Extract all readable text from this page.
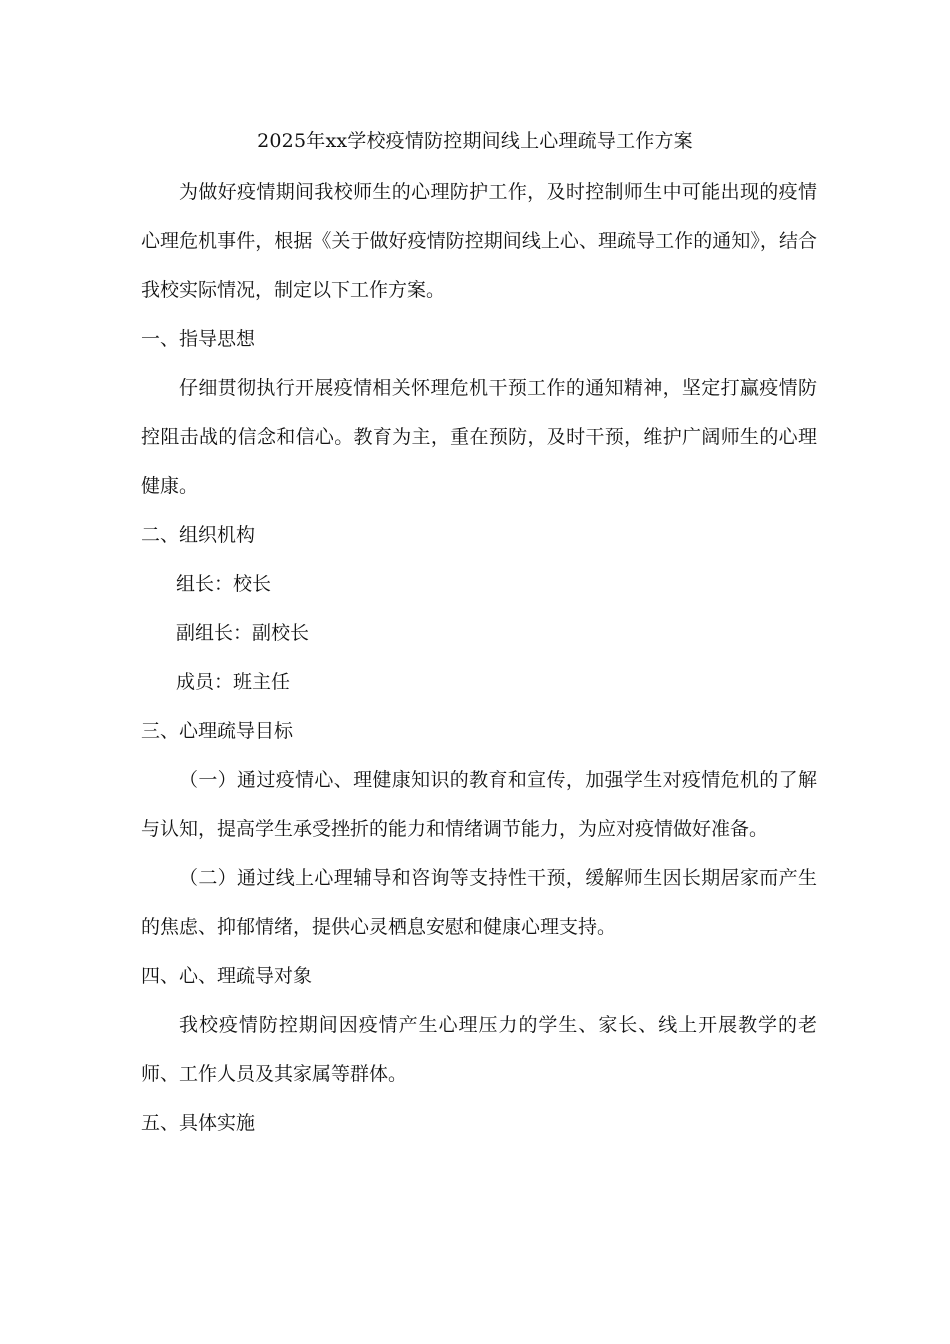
2025年xx学校疫情防控期间线上心理疏导工作方案

为做好疫情期间我校师生的心理防护工作，及时控制师生中可能出现的疫情心理危机事件，根据《关于做好疫情防控期间线上心、理疏导工作的通知》，结合我校实际情况，制定以下工作方案。

一、指导思想

仔细贯彻执行开展疫情相关怀理危机干预工作的通知精神，坚定打赢疫情防控阻击战的信念和信心。教育为主，重在预防，及时干预，维护广阔师生的心理健康。

二、组织机构

组长：校长

副组长：副校长

成员：班主任

三、心理疏导目标

（一）通过疫情心、理健康知识的教育和宣传，加强学生对疫情危机的了解与认知，提高学生承受挫折的能力和情绪调节能力，为应对疫情做好准备。

（二）通过线上心理辅导和咨询等支持性干预，缓解师生因长期居家而产生的焦虑、抑郁情绪，提供心灵栖息安慰和健康心理支持。

四、心、理疏导对象

我校疫情防控期间因疫情产生心理压力的学生、家长、线上开展教学的老师、工作人员及其家属等群体。

五、具体实施
